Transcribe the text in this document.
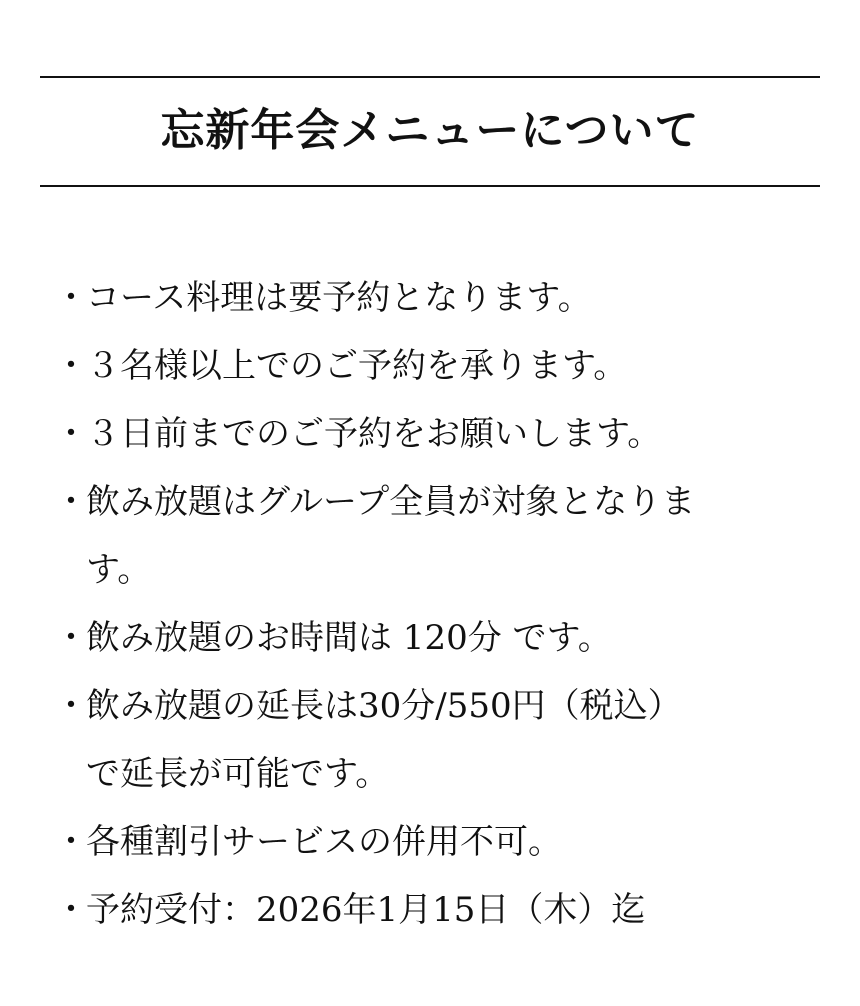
忘新年会メニューについて
・
コース料理は要予約となります。
・
３名様以上でのご予約を承ります。
・
３日前までのご予約をお願いします。
・
飲み放題はグループ全員が対象となりま
す。
・
飲み放題のお時間は 120分 です。
・
飲み放題の延長は30分/550円（税込）
で延長が可能です。
・
各種割引サービスの併用不可。
・
予約受付：2026年1月15日（木）迄
